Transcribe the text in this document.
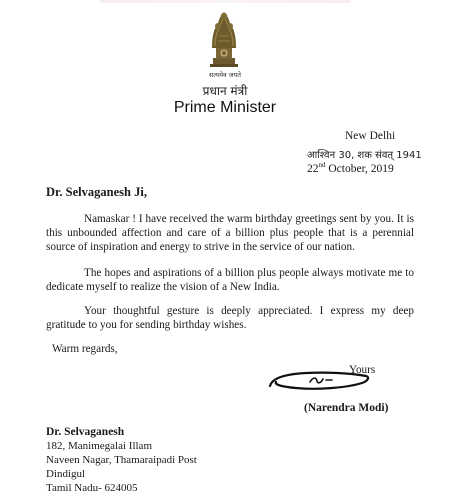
सत्यमेव जयते
प्रधान मंत्री
Prime Minister
New Delhi
आश्विन 30, शक संवत् 1941
22nd October, 2019
Dr. Selvaganesh Ji,

Namaskar ! I have received the warm birthday greetings sent by you. It is this unbounded affection and care of a billion plus people that is a perennial source of inspiration and energy to strive in the service of our nation.

The hopes and aspirations of a billion plus people always motivate me to dedicate myself to realize the vision of a New India.

Your thoughtful gesture is deeply appreciated. I express my deep gratitude to you for sending birthday wishes.

Warm regards,
Yours
(Narendra Modi)
Dr. Selvaganesh
182, Manimegalai Illam
Naveen Nagar, Thamaraipadi Post
Dindigul
Tamil Nadu- 624005
